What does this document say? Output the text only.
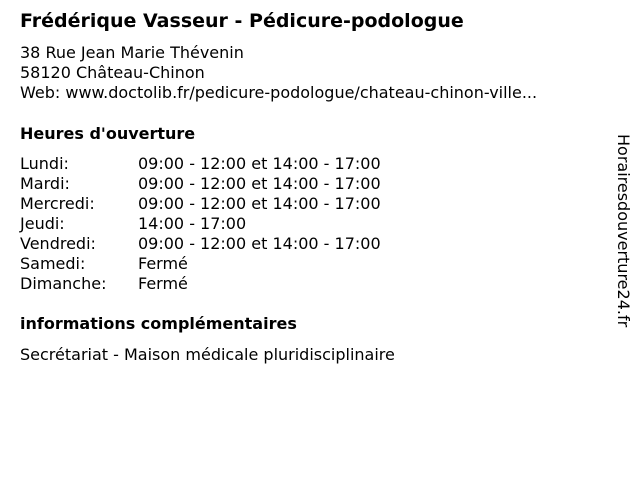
Frédérique Vasseur - Pédicure-podologue
38 Rue Jean Marie Thévenin
58120 Château-Chinon
Web: www.doctolib.fr/pedicure-podologue/chateau-chinon-ville...
Heures d'ouverture
Lundi:	09:00 - 12:00 et 14:00 - 17:00
Mardi:	09:00 - 12:00 et 14:00 - 17:00
Mercredi:	09:00 - 12:00 et 14:00 - 17:00
Jeudi:	14:00 - 17:00
Vendredi:	09:00 - 12:00 et 14:00 - 17:00
Samedi:	Fermé
Dimanche:	Fermé
informations complémentaires
Secrétariat - Maison médicale pluridisciplinaire
Horairesdouverture24.fr
